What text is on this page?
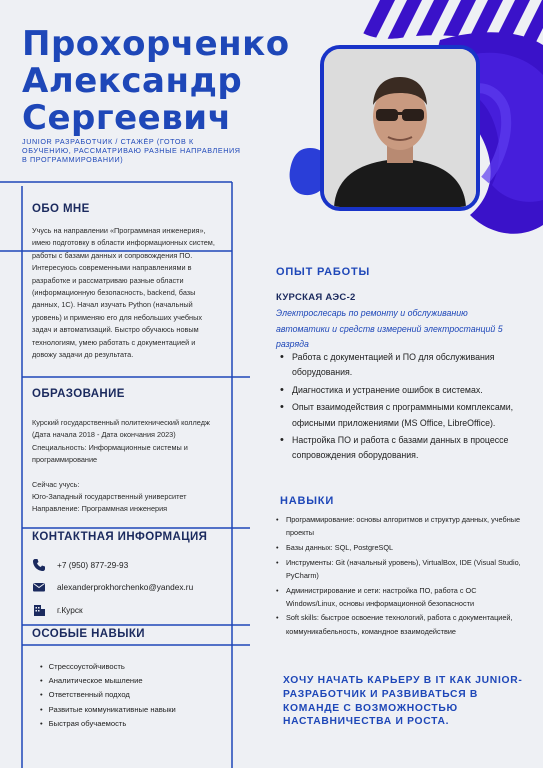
Прохорченко
Александр
Сергеевич
JUNIOR РАЗРАБОТЧИК / СТАЖЁР (ГОТОВ К ОБУЧЕНИЮ, РАССМАТРИВАЮ РАЗНЫЕ НАПРАВЛЕНИЯ В ПРОГРАММИРОВАНИИ)
ОБО МНЕ

Учусь на направлении «Программная инженерия», имею подготовку в области информационных систем, работы с базами данных и сопровождения ПО.

Интересуюсь современными направлениями в разработке и рассматриваю разные области (информационную безопасность, backend, базы данных, 1С). Начал изучать Python (начальный уровень) и применяю его для небольших учебных задач и автоматизаций. Быстро обучаюсь новым технологиям, умею работать с документацией и довожу задачи до результата.

ОБРАЗОВАНИЕ

Курский государственный политехнический колледж (Дата начала 2018 - Дата окончания 2023)

Специальность: Информационные системы и программирование

Сейчас учусь:

Юго-Западный государственный университет

Направление: Программная инженерия

КОНТАКТНАЯ ИНФОРМАЦИЯ
+7 (950) 877-29-93
alexanderprokhorchenko@yandex.ru
г.Курск
ОСОБЫЕ НАВЫКИ
• Стрессоустойчивость
• Аналитическое мышление
• Ответственный подход
• Развитые коммуникативные навыки
• Быстрая обучаемость
ОПЫТ РАБОТЫ
КУРСКАЯ АЭС-2
Электрослесарь по ремонту и обслуживанию автоматики и средств измерений электростанций 5 разряда
• Работа с документацией и ПО для обслуживания оборудования.
• Диагностика и устранение ошибок в системах.
• Опыт взаимодействия с программными комплексами, офисными приложениями (MS Office, LibreOffice).
• Настройка ПО и работа с базами данных в процессе сопровождения оборудования.
НАВЫКИ
• Программирование: основы алгоритмов и структур данных, учебные проекты
• Базы данных: SQL, PostgreSQL
• Инструменты: Git (начальный уровень), VirtualBox, IDE (Visual Studio, PyCharm)
• Администрирование и сети: настройка ПО, работа с ОС Windows/Linux, основы информационной безопасности
• Soft skills: быстрое освоение технологий, работа с документацией, коммуникабельность, командное взаимодействие
ХОЧУ НАЧАТЬ КАРЬЕРУ В IT КАК JUNIOR-РАЗРАБОТЧИК И РАЗВИВАТЬСЯ В КОМАНДЕ С ВОЗМОЖНОСТЬЮ НАСТАВНИЧЕСТВА И РОСТА.
